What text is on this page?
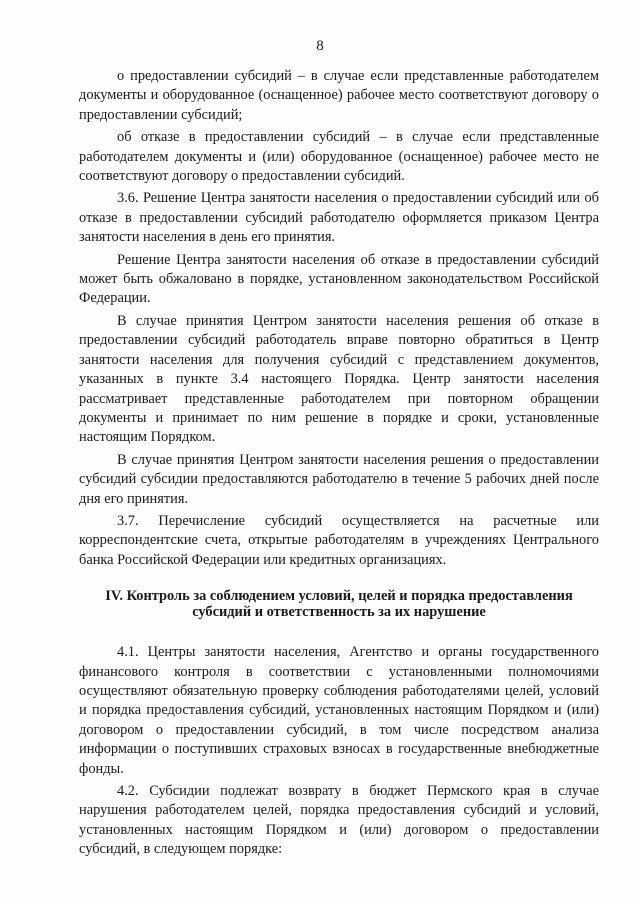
8

о предоставлении субсидий – в случае если представленные работодателем документы и оборудованное (оснащенное) рабочее место соответствуют договору о предоставлении субсидий;

об отказе в предоставлении субсидий – в случае если представленные работодателем документы и (или) оборудованное (оснащенное) рабочее место не соответствуют договору о предоставлении субсидий.

3.6. Решение Центра занятости населения о предоставлении субсидий или об отказе в предоставлении субсидий работодателю оформляется приказом Центра занятости населения в день его принятия.

Решение Центра занятости населения об отказе в предоставлении субсидий может быть обжаловано в порядке, установленном законодательством Российской Федерации.

В случае принятия Центром занятости населения решения об отказе в предоставлении субсидий работодатель вправе повторно обратиться в Центр занятости населения для получения субсидий с представлением документов, указанных в пункте 3.4 настоящего Порядка. Центр занятости населения рассматривает представленные работодателем при повторном обращении документы и принимает по ним решение в порядке и сроки, установленные настоящим Порядком.

В случае принятия Центром занятости населения решения о предоставлении субсидий субсидии предоставляются работодателю в течение 5 рабочих дней после дня его принятия.

3.7. Перечисление субсидий осуществляется на расчетные или корреспондентские счета, открытые работодателям в учреждениях Центрального банка Российской Федерации или кредитных организациях.

IV. Контроль за соблюдением условий, целей и порядка предоставления
субсидий и ответственность за их нарушение

4.1. Центры занятости населения, Агентство и органы государственного финансового контроля в соответствии с установленными полномочиями осуществляют обязательную проверку соблюдения работодателями целей, условий и порядка предоставления субсидий, установленных настоящим Порядком и (или) договором о предоставлении субсидий, в том числе посредством анализа информации о поступивших страховых взносах в государственные внебюджетные фонды.

4.2. Субсидии подлежат возврату в бюджет Пермского края в случае нарушения работодателем целей, порядка предоставления субсидий и условий, установленных настоящим Порядком и (или) договором о предоставлении субсидий, в следующем порядке:
